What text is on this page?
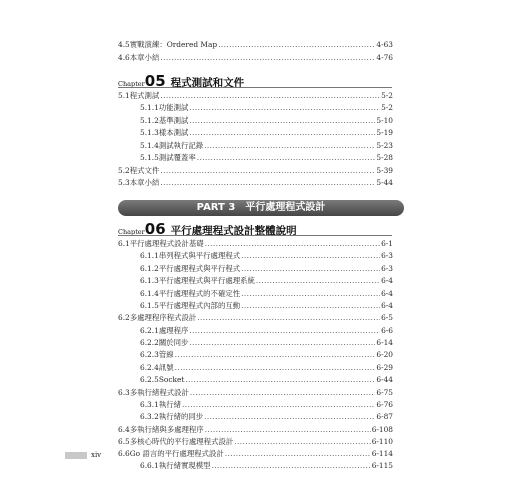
4.5 實戰演練：Ordered Map .....	4-63
4.6 本章小結 .....	4-76
Chapter 05 程式測試和文件
5.1 程式測試 .....	5-2
5.1.1 功能測試 .....	5-2
5.1.2 基準測試 .....	5-10
5.1.3 樣本測試 .....	5-19
5.1.4 測試執行記錄 .....	5-23
5.1.5 測試覆蓋率 .....	5-28
5.2 程式文件 .....	5-39
5.3 本章小結 .....	5-44
PART 3　平行處理程式設計
Chapter 06 平行處理程式設計整體說明
6.1 平行處理程式設計基礎 .....	6-1
6.1.1 串列程式與平行處理程式 .....	6-3
6.1.2 平行處理程式與平行程式 .....	6-3
6.1.3 平行處理程式與平行處理系統 .....	6-4
6.1.4 平行處理程式的不確定性 .....	6-4
6.1.5 平行處理程式內部的互動 .....	6-4
6.2 多處理程序程式設計 .....	6-5
6.2.1 處理程序 .....	6-6
6.2.2 關於同步 .....	6-14
6.2.3 管線 .....	6-20
6.2.4 訊號 .....	6-29
6.2.5 Socket .....	6-44
6.3 多執行緒程式設計 .....	6-75
6.3.1 執行緒 .....	6-76
6.3.2 執行緒的同步 .....	6-87
6.4 多執行緒與多處理程序 .....	6-108
6.5 多核心時代的平行處理程式設計 .....	6-110
6.6 Go 語言的平行處理程式設計 .....	6-114
6.6.1 執行緒實現模型 .....	6-115
xiv
